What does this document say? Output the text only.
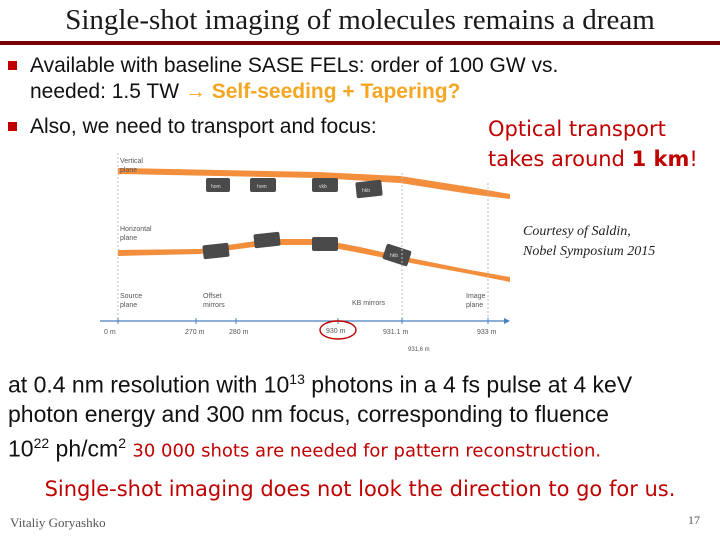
Single-shot imaging of molecules remains a dream
Available with baseline SASE FELs: order of 100 GW vs.
needed: 1.5 TW → Self-seeding + Tapering?
Also, we need to transport and focus:
hom	hom	vkb
hkb
hkb
Vertical
plane
Horizontal
plane
Source
plane
Offset
mirrors	KB mirrors
Image
plane
0 m	270 m	280 m	930 m	931.1 m	933 m
931,6 m
Optical transport
takes around 1 km!
Courtesy of Saldin,
Nobel Symposium 2015
at 0.4 nm resolution with $10^{13}$ photons in a 4 fs pulse at 4 keV
photon energy and 300 nm focus, corresponding to fluence
$10^{22}$ $ph/cm^2$ 30 000 shots are needed for pattern reconstruction.
Single-shot imaging does not look the direction to go for us.
Vitaliy Goryashko	17
